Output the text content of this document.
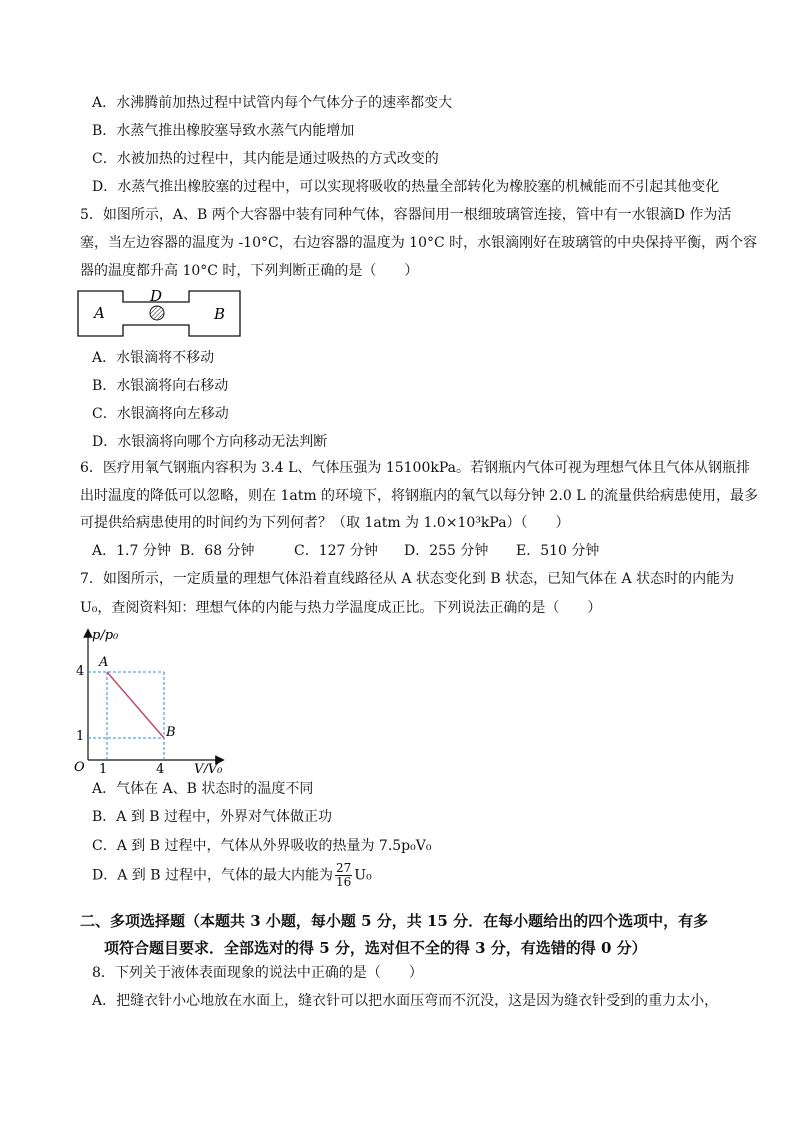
A．水沸腾前加热过程中试管内每个气体分子的速率都变大
B．水蒸气推出橡胶塞导致水蒸气内能增加
C．水被加热的过程中，其内能是通过吸热的方式改变的
D．水蒸气推出橡胶塞的过程中，可以实现将吸收的热量全部转化为橡胶塞的机械能而不引起其他变化
5．如图所示，A、B 两个大容器中装有同种气体，容器间用一根细玻璃管连接，管中有一水银滴D 作为活
塞，当左边容器的温度为 -10°C，右边容器的温度为 10°C 时，水银滴刚好在玻璃管的中央保持平衡，两个容
器的温度都升高 10°C 时，下列判断正确的是（　　）
A	B
D
A．水银滴将不移动
B．水银滴将向右移动
C．水银滴将向左移动
D．水银滴将向哪个方向移动无法判断
6．医疗用氧气钢瓶内容积为 3.4 L、气体压强为 15100kPa。若钢瓶内气体可视为理想气体且气体从钢瓶排
出时温度的降低可以忽略，则在 1atm 的环境下，将钢瓶内的氧气以每分钟 2.0 L 的流量供给病患使用，最多
可提供给病患使用的时间约为下列何者？（取 1atm 为 1.0×10³kPa）（　　）
A．1.7 分钟 B．68 分钟	C．127 分钟 D．255 分钟 E．510 分钟
7．如图所示，一定质量的理想气体沿着直线路径从 A 状态变化到 B 状态，已知气体在 A 状态时的内能为
U₀，查阅资料知：理想气体的内能与热力学温度成正比。下列说法正确的是（　　）
p/p₀
V/V₀
O
4
1
1	4
A
B
A．气体在 A、B 状态时的温度不同
B．A 到 B 过程中，外界对气体做正功
C．A 到 B 过程中，气体从外界吸收的热量为 7.5p₀V₀
D．A 到 B 过程中，气体的最大内能为 $\frac{27}{16} U_0$
二、多项选择题（本题共 3 小题，每小题 5 分，共 15 分．在每小题给出的四个选项中，有多
项符合题目要求．全部选对的得 5 分，选对但不全的得 3 分，有选错的得 0 分）
8．下列关于液体表面现象的说法中正确的是（　　）
A．把缝衣针小心地放在水面上，缝衣针可以把水面压弯而不沉没，这是因为缝衣针受到的重力太小，
